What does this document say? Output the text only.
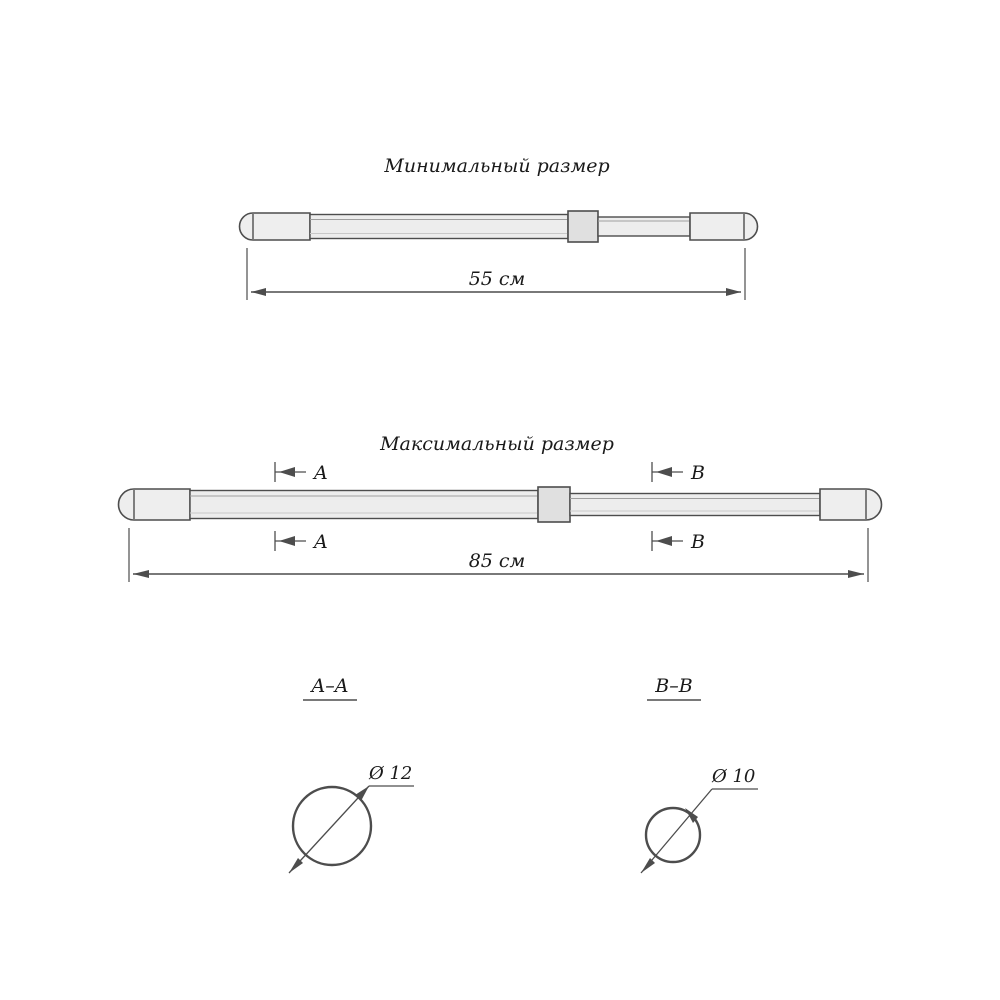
Минимальный размер
55 см
Максимальный размер
A	B
A	B
85 см
A–A
Ø 12
B–B
Ø 10
